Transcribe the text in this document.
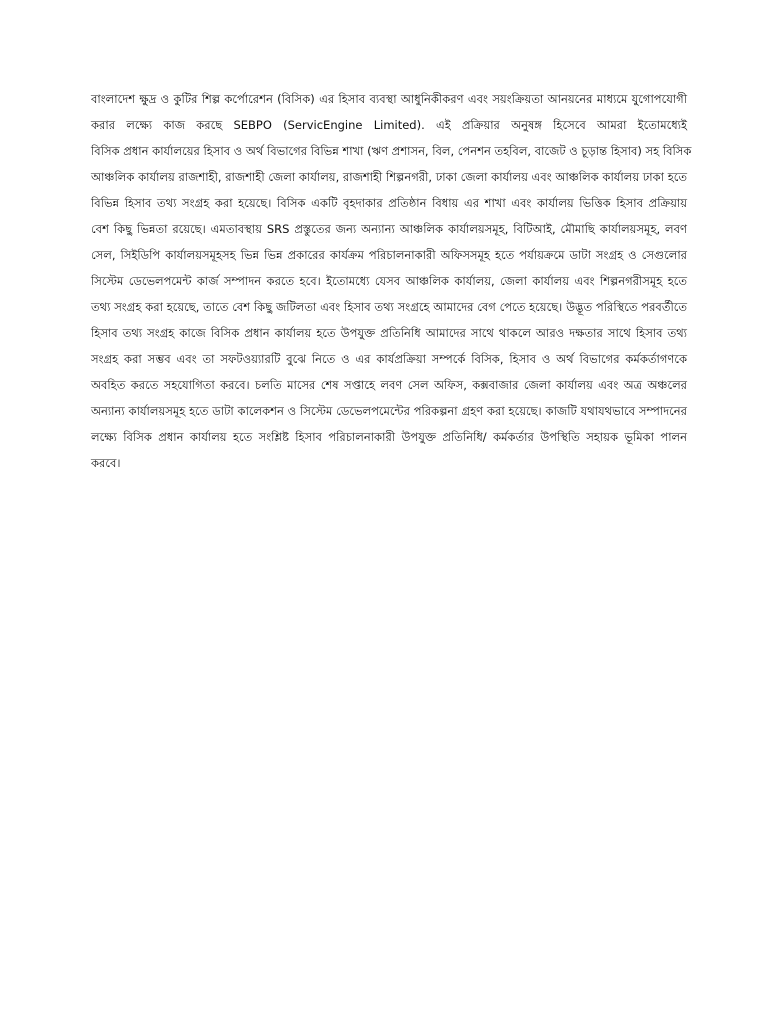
বাংলাদেশ ক্ষুদ্র ও কুটির শিল্প কর্পোরেশন (বিসিক) এর হিসাব ব্যবস্থা আধুনিকীকরণ এবং সয়ংক্রিয়তা আনয়নের মাধ্যমে যুগোপযোগী
করার লক্ষ্যে কাজ করছে SEBPO (ServicEngine Limited). এই প্রক্রিয়ার অনুষঙ্গ হিসেবে আমরা ইতোমধ্যেই
বিসিক প্রধান কার্যালয়ের হিসাব ও অর্থ বিভাগের বিভিন্ন শাখা (ঋণ প্রশাসন, বিল, পেনশন তহবিল, বাজেট ও চূড়ান্ত হিসাব) সহ বিসিক
আঞ্চলিক কার্যালয় রাজশাহী, রাজশাহী জেলা কার্যালয়, রাজশাহী শিল্পনগরী, ঢাকা জেলা কার্যালয় এবং আঞ্চলিক কার্যালয় ঢাকা হতে
বিভিন্ন হিসাব তথ্য সংগ্রহ করা হয়েছে। বিসিক একটি বৃহদাকার প্রতিষ্ঠান বিধায় এর শাখা এবং কার্যালয় ভিত্তিক হিসাব প্রক্রিয়ায়
বেশ কিছু ভিন্নতা রয়েছে। এমতাবস্থায় SRS প্রস্তুতের জন্য অন্যান্য আঞ্চলিক কার্যালয়সমূহ, বিটিআই, মৌমাছি কার্যালয়সমূহ, লবণ
সেল, সিইডিপি কার্যালয়সমূহসহ ভিন্ন ভিন্ন প্রকারের কার্যক্রম পরিচালনাকারী অফিসসমূহ হতে পর্যায়ক্রমে ডাটা সংগ্রহ ও সেগুলোর
সিস্টেম ডেভেলপমেন্ট কার্জ সম্পাদন করতে হবে। ইতোমধ্যে যেসব আঞ্চলিক কার্যালয়, জেলা কার্যালয় এবং শিল্পনগরীসমূহ হতে
তথ্য সংগ্রহ করা হয়েছে, তাতে বেশ কিছু জটিলতা এবং হিসাব তথ্য সংগ্রহে আমাদের বেগ পেতে হয়েছে। উদ্ভূত পরিস্থিতে পরবর্তীতে
হিসাব তথ্য সংগ্রহ কাজে বিসিক প্রধান কার্যালয় হতে উপযুক্ত প্রতিনিধি আমাদের সাথে থাকলে আরও দক্ষতার সাথে হিসাব তথ্য
সংগ্রহ করা সম্ভব এবং তা সফটওয়্যারটি বুঝে নিতে ও এর কার্যপ্রক্রিয়া সম্পর্কে বিসিক, হিসাব ও অর্থ বিভাগের কর্মকর্তাগণকে
অবহিত করতে সহযোগিতা করবে। চলতি মাসের শেষ সপ্তাহে লবণ সেল অফিস, কক্সবাজার জেলা কার্যালয় এবং অত্র অঞ্চলের
অন্যান্য কার্যালয়সমূহ হতে ডাটা কালেকশন ও সিস্টেম ডেভেলপমেন্টের পরিকল্পনা গ্রহণ করা হয়েছে। কাজটি যথাযথভাবে সম্পাদনের
লক্ষ্যে বিসিক প্রধান কার্যালয় হতে সংশ্লিষ্ট হিসাব পরিচালনাকারী উপযুক্ত প্রতিনিধি/ কর্মকর্তার উপস্থিতি সহায়ক ভূমিকা পালন
করবে।
